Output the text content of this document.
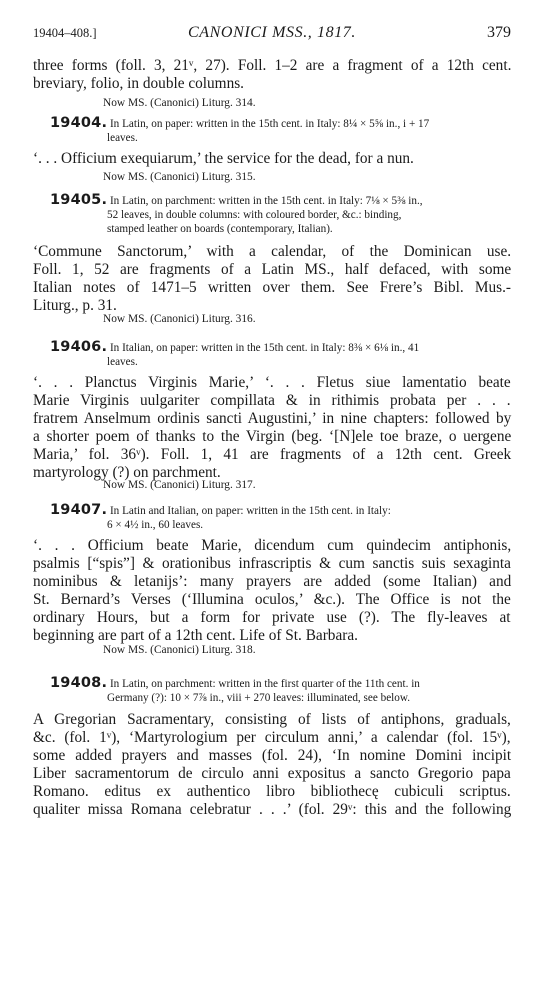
19404–408.]	CANONICI MSS., 1817.	379
three forms (foll. 3, 21ᵛ, 27). Foll. 1–2 are a fragment of a 12th cent.
breviary, folio, in double columns.
Now MS. (Canonici) Liturg. 314.
19404. In Latin, on paper: written in the 15th cent. in Italy: 8¼ × 5⅝ in., i + 17
leaves.
‘. . . Officium exequiarum,’ the service for the dead, for a nun.
Now MS. (Canonici) Liturg. 315.
19405. In Latin, on parchment: written in the 15th cent. in Italy: 7⅛ × 5⅜ in.,
52 leaves, in double columns: with coloured border, &c.: binding,
stamped leather on boards (contemporary, Italian).
‘Commune Sanctorum,’ with a calendar, of the Dominican use.
Foll. 1, 52 are fragments of a Latin MS., half defaced, with some
Italian notes of 1471–5 written over them. See Frere’s Bibl. Mus.-
Liturg., p. 31.
Now MS. (Canonici) Liturg. 316.
19406. In Italian, on paper: written in the 15th cent. in Italy: 8⅜ × 6⅛ in., 41
leaves.
‘. . . Planctus Virginis Marie,’ ‘. . . Fletus siue lamentatio beate
Marie Virginis uulgariter compillata & in rithimis probata per . . .
fratrem Anselmum ordinis sancti Augustini,’ in nine chapters: followed by
a shorter poem of thanks to the Virgin (beg. ‘[N]ele toe braze, o uergene
Maria,’ fol. 36ᵛ). Foll. 1, 41 are fragments of a 12th cent. Greek
martyrology (?) on parchment.
Now MS. (Canonici) Liturg. 317.
19407. In Latin and Italian, on paper: written in the 15th cent. in Italy:
6 × 4½ in., 60 leaves.
‘. . . Officium beate Marie, dicendum cum quindecim antiphonis,
psalmis [“spis”] & orationibus infrascriptis & cum sanctis suis sexaginta
nominibus & letanijs’: many prayers are added (some Italian) and
St. Bernard’s Verses (‘Illumina oculos,’ &c.). The Office is not the
ordinary Hours, but a form for private use (?). The fly-leaves at
beginning are part of a 12th cent. Life of St. Barbara.
Now MS. (Canonici) Liturg. 318.
19408. In Latin, on parchment: written in the first quarter of the 11th cent. in
Germany (?): 10 × 7⅞ in., viii + 270 leaves: illuminated, see below.
A Gregorian Sacramentary, consisting of lists of antiphons, graduals,
&c. (fol. 1ᵛ), ‘Martyrologium per circulum anni,’ a calendar (fol. 15ᵛ),
some added prayers and masses (fol. 24), ‘In nomine Domini incipit
Liber sacramentorum de circulo anni expositus a sancto Gregorio papa
Romano. editus ex authentico libro bibliothecę cubiculi scriptus.
qualiter missa Romana celebratur . . .’ (fol. 29ᵛ: this and the following
